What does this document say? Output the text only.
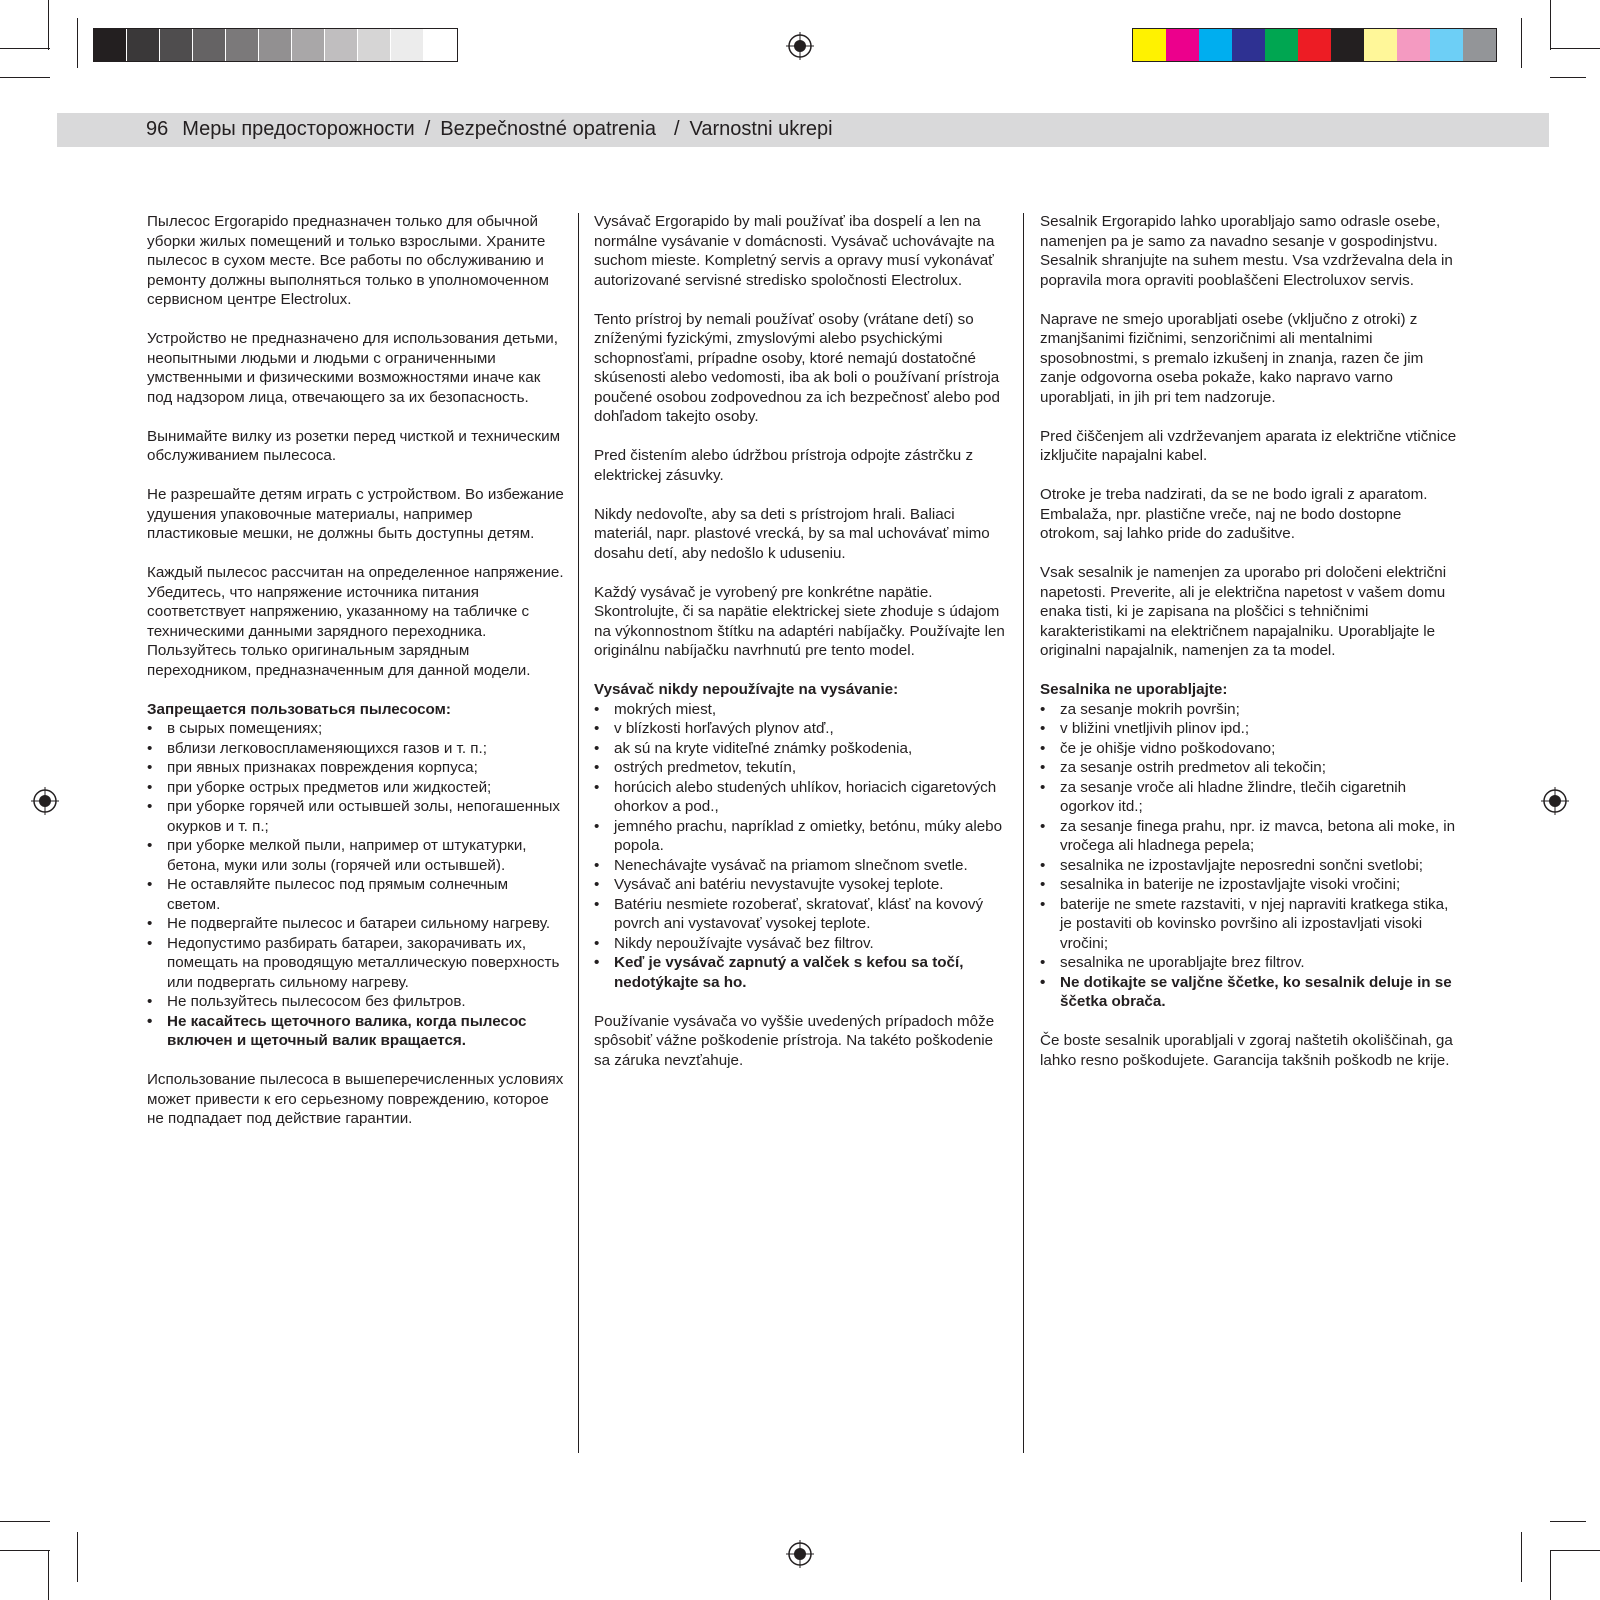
96 Меры предосторожности / Bezpečnostné opatrenia / Varnostni ukrepi

Пылесос Ergorapido предназначен только для обычной уборки жилых помещений и только взрослыми. Храните пылесос в сухом месте. Все работы по обслуживанию и ремонту должны выполняться только в уполномоченном сервисном центре Electrolux.

Устройство не предназначено для использования детьми, неопытными людьми и людьми с ограниченными умственными и физическими возможностями иначе как под надзором лица, отвечающего за их безопасность.

Вынимайте вилку из розетки перед чисткой и техническим обслуживанием пылесоса.

Не разрешайте детям играть с устройством. Во избежание удушения упаковочные материалы, например пластиковые мешки, не должны быть доступны детям.

Каждый пылесос рассчитан на определенное напряжение. Убедитесь, что напряжение источника питания соответствует напряжению, указанному на табличке с техническими данными зарядного переходника. Пользуйтесь только оригинальным зарядным переходником, предназначенным для данной модели.

Запрещается пользоваться пылесосом:

• в сырых помещениях;
• вблизи легковоспламеняющихся газов и т. п.;
• при явных признаках повреждения корпуса;
• при уборке острых предметов или жидкостей;
• при уборке горячей или остывшей золы, непогашенных окурков и т. п.;
• при уборке мелкой пыли, например от штукатурки, бетона, муки или золы (горячей или остывшей).
• Не оставляйте пылесос под прямым солнечным светом.
• Не подвергайте пылесос и батареи сильному нагреву.
• Недопустимо разбирать батареи, закорачивать их, помещать на проводящую металлическую поверхность или подвергать сильному нагреву.
• Не пользуйтесь пылесосом без фильтров.
• Не касайтесь щеточного валика, когда пылесос включен и щеточный валик вращается.

Использование пылесоса в вышеперечисленных условиях может привести к его серьезному повреждению, которое не подпадает под действие гарантии.

Vysávač Ergorapido by mali používať iba dospelí a len na normálne vysávanie v domácnosti. Vysávač uchovávajte na suchom mieste. Kompletný servis a opravy musí vykonávať autorizované servisné stredisko spoločnosti Electrolux.

Tento prístroj by nemali používať osoby (vrátane detí) so zníženými fyzickými, zmyslovými alebo psychickými schopnosťami, prípadne osoby, ktoré nemajú dostatočné skúsenosti alebo vedomosti, iba ak boli o používaní prístroja poučené osobou zodpovednou za ich bezpečnosť alebo pod dohľadom takejto osoby.

Pred čistením alebo údržbou prístroja odpojte zástrčku z elektrickej zásuvky.

Nikdy nedovoľte, aby sa deti s prístrojom hrali. Baliaci materiál, napr. plastové vrecká, by sa mal uchovávať mimo dosahu detí, aby nedošlo k uduseniu.

Každý vysávač je vyrobený pre konkrétne napätie. Skontrolujte, či sa napätie elektrickej siete zhoduje s údajom na výkonnostnom štítku na adaptéri nabíjačky. Používajte len originálnu nabíjačku navrhnutú pre tento model.

Vysávač nikdy nepoužívajte na vysávanie:

• mokrých miest,
• v blízkosti horľavých plynov atď.,
• ak sú na kryte viditeľné známky poškodenia,
• ostrých predmetov, tekutín,
• horúcich alebo studených uhlíkov, horiacich cigaretových ohorkov a pod.,
• jemného prachu, napríklad z omietky, betónu, múky alebo popola.
• Nenechávajte vysávač na priamom slnečnom svetle.
• Vysávač ani batériu nevystavujte vysokej teplote.
• Batériu nesmiete rozoberať, skratovať, klásť na kovový povrch ani vystavovať vysokej teplote.
• Nikdy nepoužívajte vysávač bez filtrov.
• Keď je vysávač zapnutý a valček s kefou sa točí, nedotýkajte sa ho.

Používanie vysávača vo vyššie uvedených prípadoch môže spôsobiť vážne poškodenie prístroja. Na takéto poškodenie sa záruka nevzťahuje.

Sesalnik Ergorapido lahko uporabljajo samo odrasle osebe, namenjen pa je samo za navadno sesanje v gospodinjstvu. Sesalnik shranjujte na suhem mestu. Vsa vzdrževalna dela in popravila mora opraviti pooblaščeni Electroluxov servis.

Naprave ne smejo uporabljati osebe (vključno z otroki) z zmanjšanimi fizičnimi, senzoričnimi ali mentalnimi sposobnostmi, s premalo izkušenj in znanja, razen če jim zanje odgovorna oseba pokaže, kako napravo varno uporabljati, in jih pri tem nadzoruje.

Pred čiščenjem ali vzdrževanjem aparata iz električne vtičnice izključite napajalni kabel.

Otroke je treba nadzirati, da se ne bodo igrali z aparatom. Embalaža, npr. plastične vreče, naj ne bodo dostopne otrokom, saj lahko pride do zadušitve.

Vsak sesalnik je namenjen za uporabo pri določeni električni napetosti. Preverite, ali je električna napetost v vašem domu enaka tisti, ki je zapisana na ploščici s tehničnimi karakteristikami na električnem napajalniku. Uporabljajte le originalni napajalnik, namenjen za ta model.

Sesalnika ne uporabljajte:

• za sesanje mokrih površin;
• v bližini vnetljivih plinov ipd.;
• če je ohišje vidno poškodovano;
• za sesanje ostrih predmetov ali tekočin;
• za sesanje vroče ali hladne žlindre, tlečih cigaretnih ogorkov itd.;
• za sesanje finega prahu, npr. iz mavca, betona ali moke, in vročega ali hladnega pepela;
• sesalnika ne izpostavljajte neposredni sončni svetlobi;
• sesalnika in baterije ne izpostavljajte visoki vročini;
• baterije ne smete razstaviti, v njej napraviti kratkega stika, je postaviti ob kovinsko površino ali izpostavljati visoki vročini;
• sesalnika ne uporabljajte brez filtrov.
• Ne dotikajte se valjčne ščetke, ko sesalnik deluje in se ščetka obrača.

Če boste sesalnik uporabljali v zgoraj naštetih okoliščinah, ga lahko resno poškodujete. Garancija takšnih poškodb ne krije.
